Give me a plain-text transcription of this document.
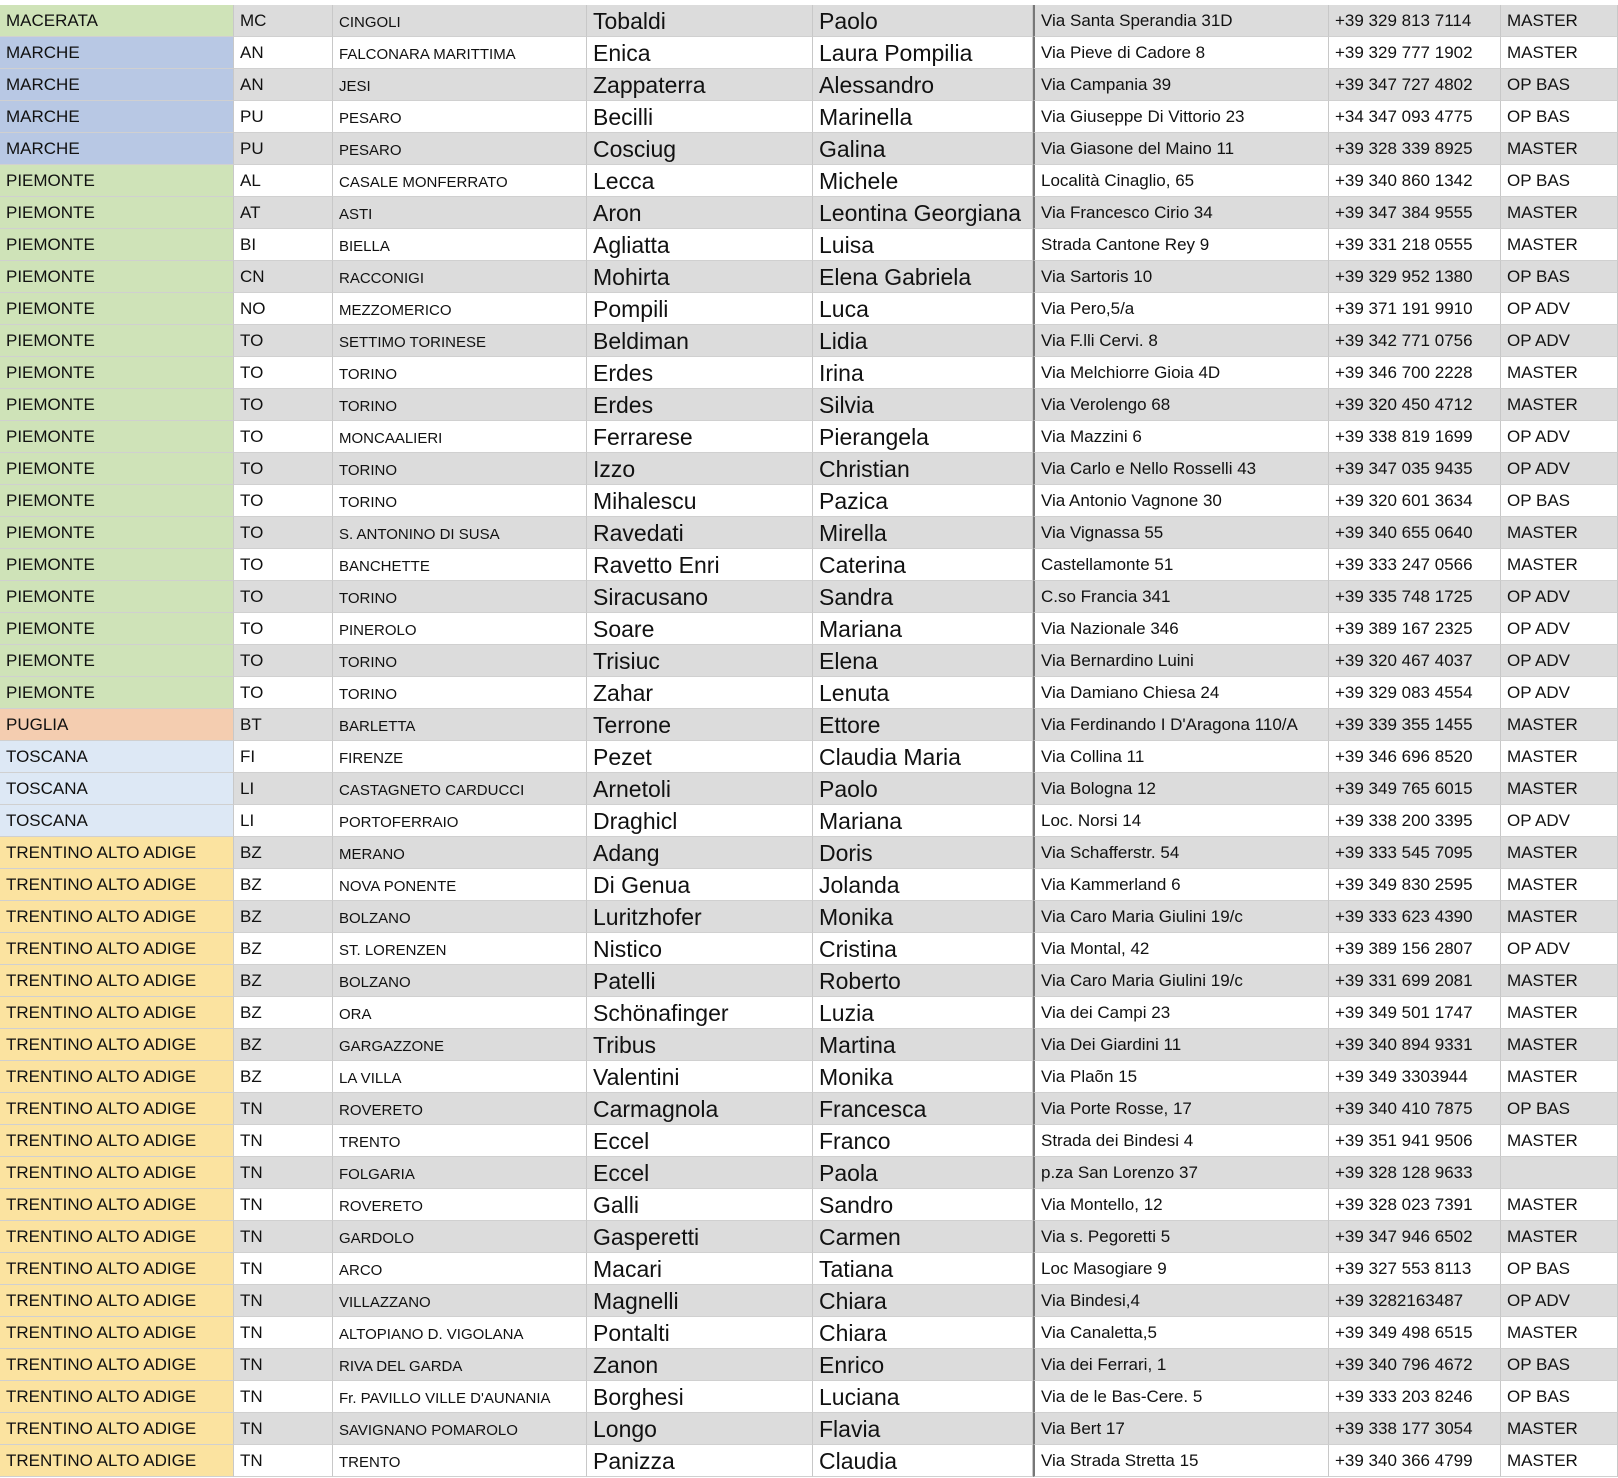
MACERATA	MC	CINGOLI	Tobaldi	Paolo	Via Santa Sperandia 31D	+39 329 813 7114	MASTER
MARCHE	AN	FALCONARA MARITTIMA	Enica	Laura Pompilia	Via Pieve di Cadore 8	+39 329 777 1902	MASTER
MARCHE	AN	JESI	Zappaterra	Alessandro	Via Campania 39	+39 347 727 4802	OP BAS
MARCHE	PU	PESARO	Becilli	Marinella	Via Giuseppe Di Vittorio 23	+34 347 093 4775	OP BAS
MARCHE	PU	PESARO	Cosciug	Galina	Via Giasone del Maino 11	+39 328 339 8925	MASTER
PIEMONTE	AL	CASALE MONFERRATO	Lecca	Michele	Località Cinaglio, 65	+39 340 860 1342	OP BAS
PIEMONTE	AT	ASTI	Aron	Leontina Georgiana	Via Francesco Cirio 34	+39 347 384 9555	MASTER
PIEMONTE	BI	BIELLA	Agliatta	Luisa	Strada Cantone Rey 9	+39 331 218 0555	MASTER
PIEMONTE	CN	RACCONIGI	Mohirta	Elena Gabriela	Via Sartoris 10	+39 329 952 1380	OP BAS
PIEMONTE	NO	MEZZOMERICO	Pompili	Luca	Via Pero,5/a	+39 371 191 9910	OP ADV
PIEMONTE	TO	SETTIMO TORINESE	Beldiman	Lidia	Via F.lli Cervi. 8	+39 342 771 0756	OP ADV
PIEMONTE	TO	TORINO	Erdes	Irina	Via Melchiorre Gioia 4D	+39 346 700 2228	MASTER
PIEMONTE	TO	TORINO	Erdes	Silvia	Via Verolengo 68	+39 320 450 4712	MASTER
PIEMONTE	TO	MONCAALIERI	Ferrarese	Pierangela	Via Mazzini 6	+39 338 819 1699	OP ADV
PIEMONTE	TO	TORINO	Izzo	Christian	Via Carlo e Nello Rosselli 43	+39 347 035 9435	OP ADV
PIEMONTE	TO	TORINO	Mihalescu	Pazica	Via Antonio Vagnone 30	+39 320 601 3634	OP BAS
PIEMONTE	TO	S. ANTONINO DI SUSA	Ravedati	Mirella	Via Vignassa 55	+39 340 655 0640	MASTER
PIEMONTE	TO	BANCHETTE	Ravetto Enri	Caterina	Castellamonte 51	+39 333 247 0566	MASTER
PIEMONTE	TO	TORINO	Siracusano	Sandra	C.so Francia 341	+39 335 748 1725	OP ADV
PIEMONTE	TO	PINEROLO	Soare	Mariana	Via Nazionale 346	+39 389 167 2325	OP ADV
PIEMONTE	TO	TORINO	Trisiuc	Elena	Via Bernardino Luini	+39 320 467 4037	OP ADV
PIEMONTE	TO	TORINO	Zahar	Lenuta	Via Damiano Chiesa 24	+39 329 083 4554	OP ADV
PUGLIA	BT	BARLETTA	Terrone	Ettore	Via Ferdinando I D'Aragona 110/A	+39 339 355 1455	MASTER
TOSCANA	FI	FIRENZE	Pezet	Claudia Maria	Via Collina 11	+39 346 696 8520	MASTER
TOSCANA	LI	CASTAGNETO CARDUCCI	Arnetoli	Paolo	Via Bologna 12	+39 349 765 6015	MASTER
TOSCANA	LI	PORTOFERRAIO	Draghicl	Mariana	Loc. Norsi 14	+39 338 200 3395	OP ADV
TRENTINO ALTO ADIGE	BZ	MERANO	Adang	Doris	Via Schafferstr. 54	+39 333 545 7095	MASTER
TRENTINO ALTO ADIGE	BZ	NOVA PONENTE	Di Genua	Jolanda	Via Kammerland 6	+39 349 830 2595	MASTER
TRENTINO ALTO ADIGE	BZ	BOLZANO	Luritzhofer	Monika	Via Caro Maria Giulini 19/c	+39 333 623 4390	MASTER
TRENTINO ALTO ADIGE	BZ	ST. LORENZEN	Nistico	Cristina	Via Montal, 42	+39 389 156 2807	OP ADV
TRENTINO ALTO ADIGE	BZ	BOLZANO	Patelli	Roberto	Via Caro Maria Giulini 19/c	+39 331 699 2081	MASTER
TRENTINO ALTO ADIGE	BZ	ORA	Schönafinger	Luzia	Via dei Campi 23	+39 349 501 1747	MASTER
TRENTINO ALTO ADIGE	BZ	GARGAZZONE	Tribus	Martina	Via Dei Giardini 11	+39 340 894 9331	MASTER
TRENTINO ALTO ADIGE	BZ	LA VILLA	Valentini	Monika	Via Plaõn 15	+39 349 3303944	MASTER
TRENTINO ALTO ADIGE	TN	ROVERETO	Carmagnola	Francesca	Via Porte Rosse, 17	+39 340 410 7875	OP BAS
TRENTINO ALTO ADIGE	TN	TRENTO	Eccel	Franco	Strada dei Bindesi 4	+39 351 941 9506	MASTER
TRENTINO ALTO ADIGE	TN	FOLGARIA	Eccel	Paola	p.za San Lorenzo 37	+39 328 128 9633
TRENTINO ALTO ADIGE	TN	ROVERETO	Galli	Sandro	Via Montello, 12	+39 328 023 7391	MASTER
TRENTINO ALTO ADIGE	TN	GARDOLO	Gasperetti	Carmen	Via s. Pegoretti 5	+39 347 946 6502	MASTER
TRENTINO ALTO ADIGE	TN	ARCO	Macari	Tatiana	Loc Masogiare 9	+39 327 553 8113	OP BAS
TRENTINO ALTO ADIGE	TN	VILLAZZANO	Magnelli	Chiara	Via Bindesi,4	+39 3282163487	OP ADV
TRENTINO ALTO ADIGE	TN	ALTOPIANO D. VIGOLANA	Pontalti	Chiara	Via Canaletta,5	+39 349 498 6515	MASTER
TRENTINO ALTO ADIGE	TN	RIVA DEL GARDA	Zanon	Enrico	Via dei Ferrari, 1	+39 340 796 4672	OP BAS
TRENTINO ALTO ADIGE	TN	Fr. PAVILLO VILLE D'AUNANIA	Borghesi	Luciana	Via de le Bas-Cere. 5	+39 333 203 8246	OP BAS
TRENTINO ALTO ADIGE	TN	SAVIGNANO POMAROLO	Longo	Flavia	Via Bert 17	+39 338 177 3054	MASTER
TRENTINO ALTO ADIGE	TN	TRENTO	Panizza	Claudia	Via Strada Stretta 15	+39 340 366 4799	MASTER
